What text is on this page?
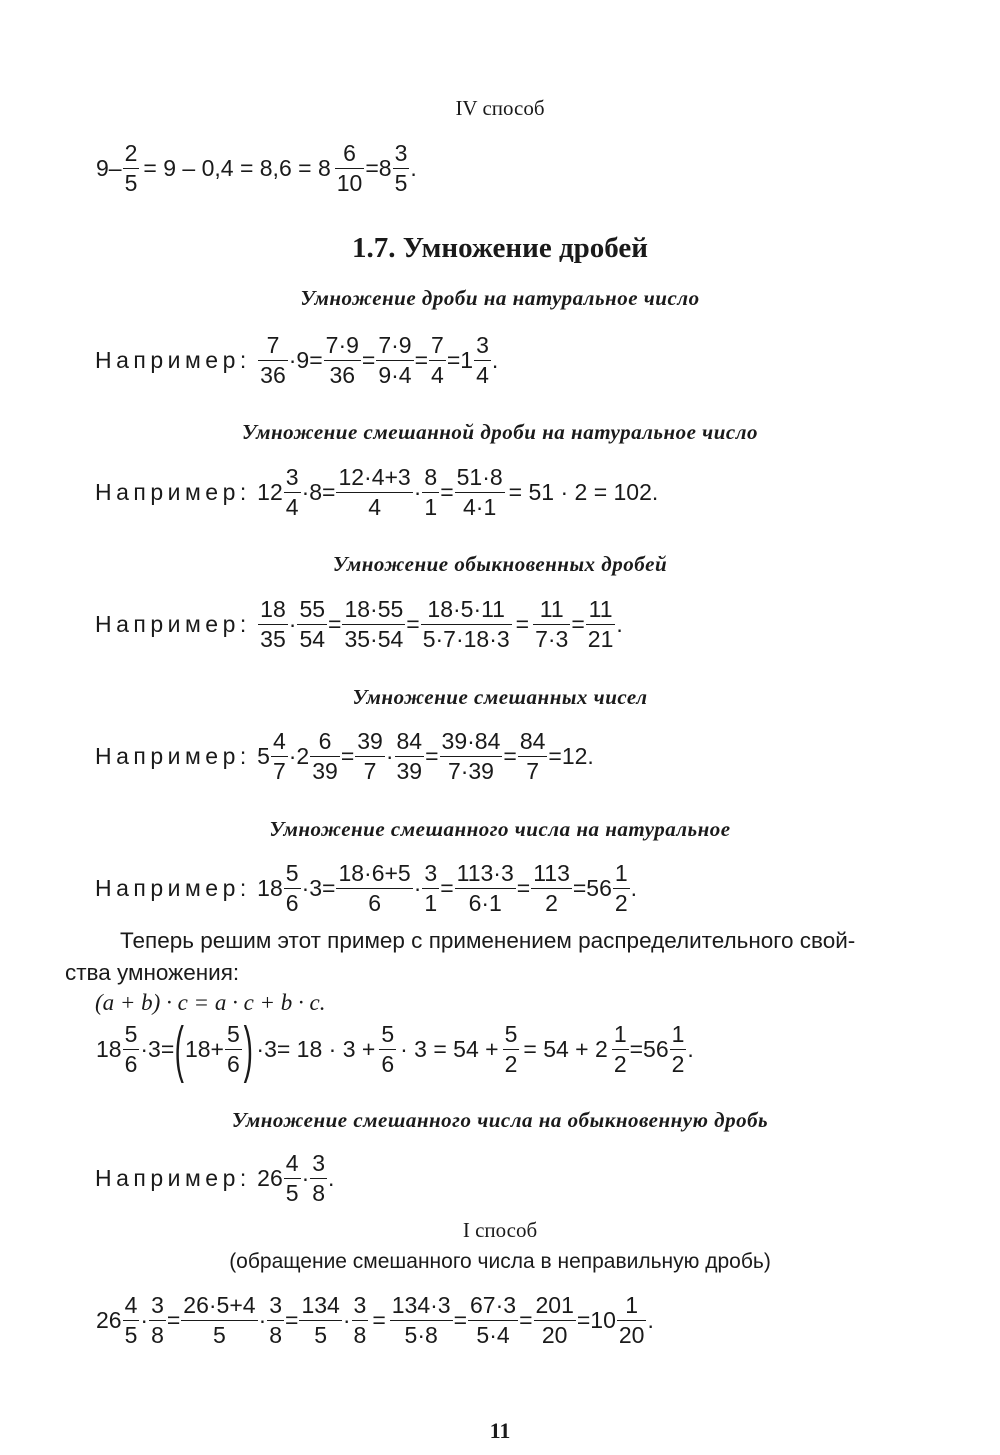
IV способ
$9 - \frac{2}{5} = 9 - 0,4 = 8,6 = 8 \frac{6}{10} =8$
3
5
.
1.7. Умножение дробей
Умножение дроби на натуральное число
Например:

7
36
$\cdot 9= \frac{7\cdot 9}{36} = \frac{7\cdot 9}{9\cdot 4} = \frac{7}{4} =1$
3
4
.
Умножение смешанной дроби на натуральное число
Например:
12
3
4
$\cdot 8= \frac{12\cdot 4+3}{4} \cdot \frac{8}{1} = \frac{51\cdot 8}{4\cdot 1} = 51 \cdot 2 = 102$.
Умножение обыкновенных дробей
Например:

18
35
· $\frac{55}{54} = \frac{18\cdot 55}{35\cdot 54} = \frac{18\cdot 5\cdot 11}{5\cdot 7\cdot 18\cdot 3} = \frac{11}{7\cdot 3} = \frac{11}{21}$ .
Умножение смешанных чисел
Например:
5
4
7
$\cdot 2 \frac{6}{39} = \frac{39}{7} \cdot \frac{84}{39} = \frac{39\cdot 84}{7\cdot 39} = \frac{84}{7} =12$.
Умножение смешанного числа на натуральное
Например:
18
5
6
$\cdot 3= \frac{18\cdot 6+5}{6} \cdot \frac{3}{1} = \frac{113\cdot 3}{6\cdot 1} = \frac{113}{2} =56$
1
2
.
Теперь решим этот пример с применением распределительного свой-
ства умножения:
(a + b) · c = a · c + b · c.
18
5
6
·3= ( $18+ \frac{5}{6}$ ) $\cdot 3= 18 \cdot 3 + \frac{5}{6} \cdot 3 = 54 + \frac{5}{2} = 54 + 2 \frac{1}{2} =56$
1
2
.
Умножение смешанного числа на обыкновенную дробь
Например:
26
4
5
·
3
8
.
I способ
(обращение смешанного числа в неправильную дробь)
26
4
5
· $\frac{3}{8} = \frac{26\cdot 5+4}{5} \cdot \frac{3}{8} = \frac{134}{5} \cdot \frac{3}{8} = \frac{134\cdot 3}{5\cdot 8} = \frac{67\cdot 3}{5\cdot 4} = \frac{201}{20} =10$
1
20
.
11
